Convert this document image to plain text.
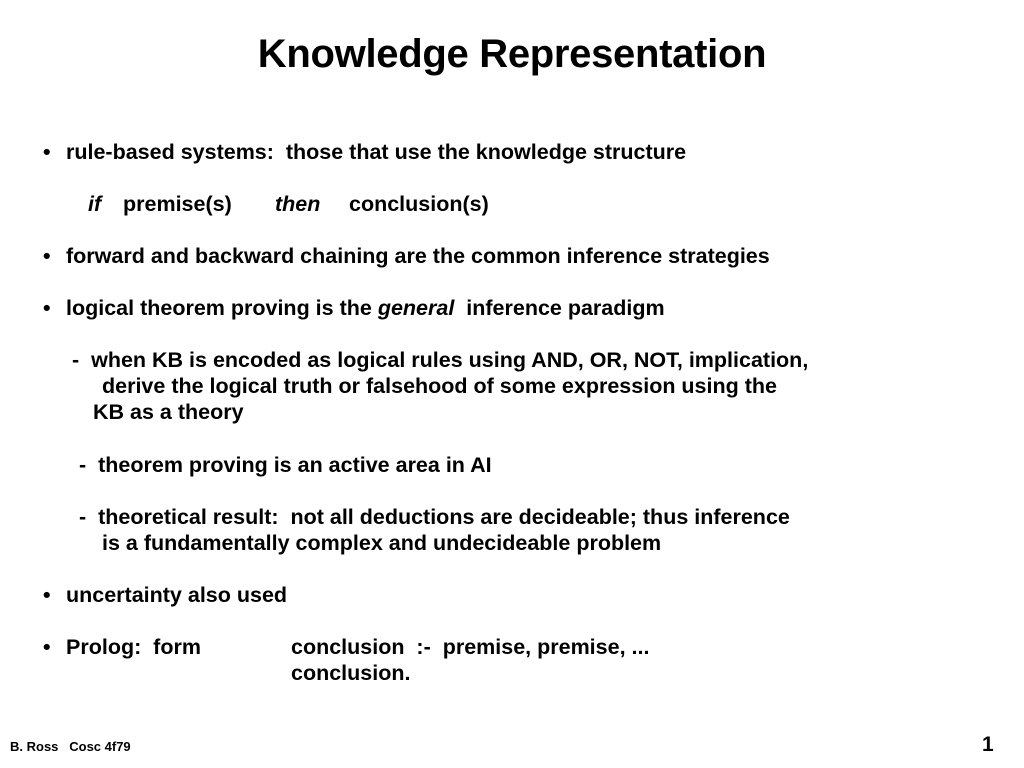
Knowledge Representation
• rule-based systems:  those that use the knowledge structure
if premise(s) then conclusion(s)
• forward and backward chaining are the common inference strategies
• logical theorem proving is the general inference paradigm
-  when KB is encoded as logical rules using AND, OR, NOT, implication,
derive the logical truth or falsehood of some expression using the
KB as a theory
-  theorem proving is an active area in AI
-  theoretical result:  not all deductions are decideable; thus inference
is a fundamentally complex and undecideable problem
• uncertainty also used
• Prolog:  form	conclusion  :-  premise, premise, ...
conclusion.
B. Ross   Cosc 4f79	1
